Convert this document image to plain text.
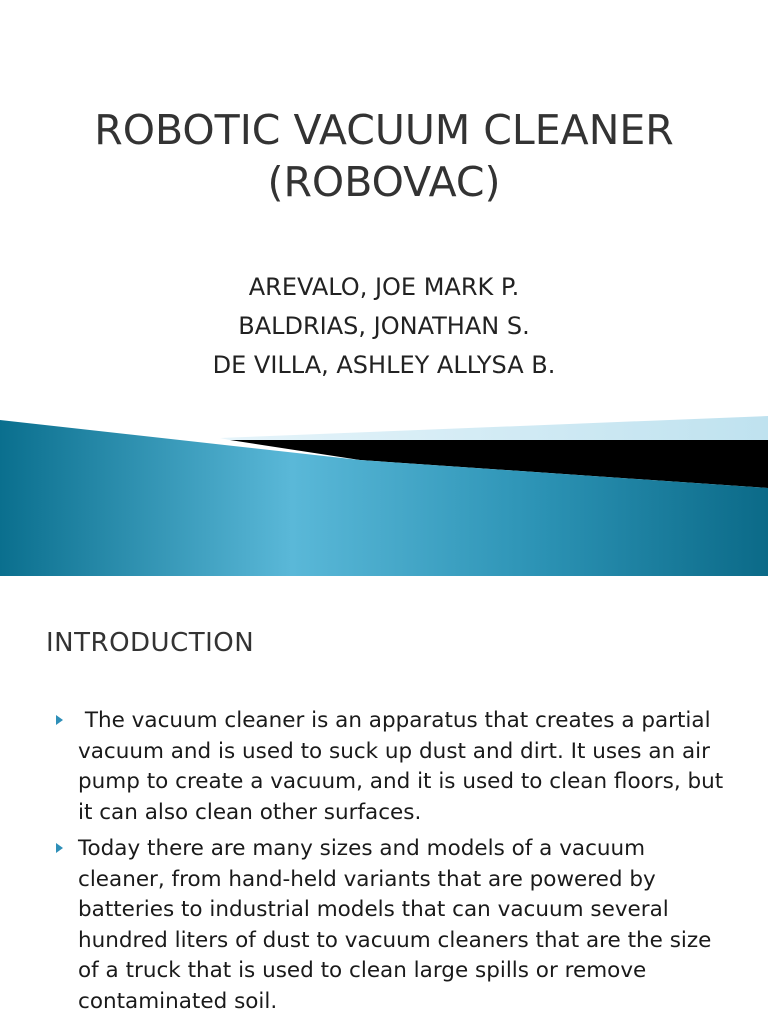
ROBOTIC VACUUM CLEANER
(ROBOVAC)
AREVALO, JOE MARK P.
BALDRIAS, JONATHAN S.
DE VILLA, ASHLEY ALLYSA B.
INTRODUCTION
The vacuum cleaner is an apparatus that creates a partial vacuum and is used to suck up dust and dirt. It uses an air pump to create a vacuum, and it is used to clean floors, but it can also clean other surfaces.
Today there are many sizes and models of a vacuum cleaner, from hand-held variants that are powered by batteries to industrial models that can vacuum several hundred liters of dust to vacuum cleaners that are the size of a truck that is used to clean large spills or remove contaminated soil.
